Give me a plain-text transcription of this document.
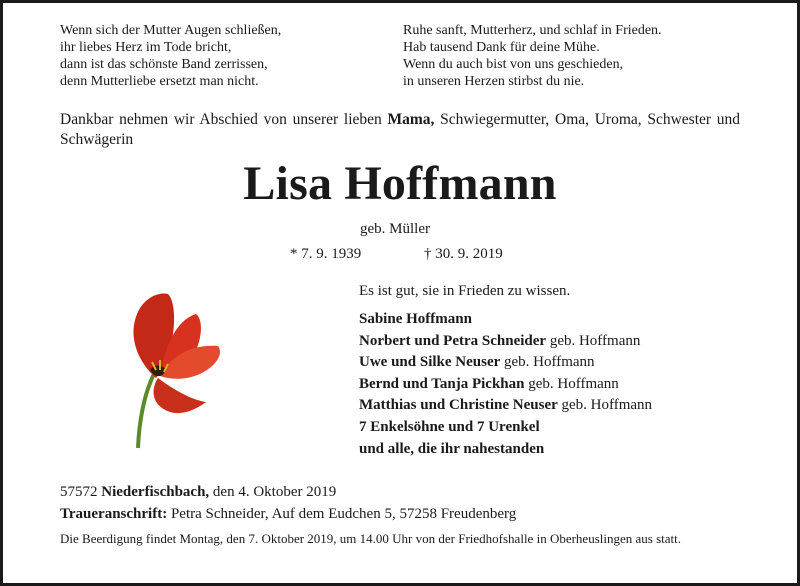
Wenn sich der Mutter Augen schließen,
ihr liebes Herz im Tode bricht,
dann ist das schönste Band zerrissen,
denn Mutterliebe ersetzt man nicht.
Ruhe sanft, Mutterherz, und schlaf in Frieden.
Hab tausend Dank für deine Mühe.
Wenn du auch bist von uns geschieden,
in unseren Herzen stirbst du nie.
Dankbar nehmen wir Abschied von unserer lieben Mama, Schwiegermutter, Oma, Uroma, Schwester und Schwägerin
Lisa Hoffmann
geb. Müller
* 7. 9. 1939	† 30. 9. 2019
Es ist gut, sie in Frieden zu wissen.
Sabine Hoffmann
Norbert und Petra Schneider geb. Hoffmann
Uwe und Silke Neuser geb. Hoffmann
Bernd und Tanja Pickhan geb. Hoffmann
Matthias und Christine Neuser geb. Hoffmann
7 Enkelsöhne und 7 Urenkel
und alle, die ihr nahestanden
57572 Niederfischbach, den 4. Oktober 2019
Traueranschrift: Petra Schneider, Auf dem Eudchen 5, 57258 Freudenberg
Die Beerdigung findet Montag, den 7. Oktober 2019, um 14.00 Uhr von der Friedhofshalle in Oberheuslingen aus statt.
